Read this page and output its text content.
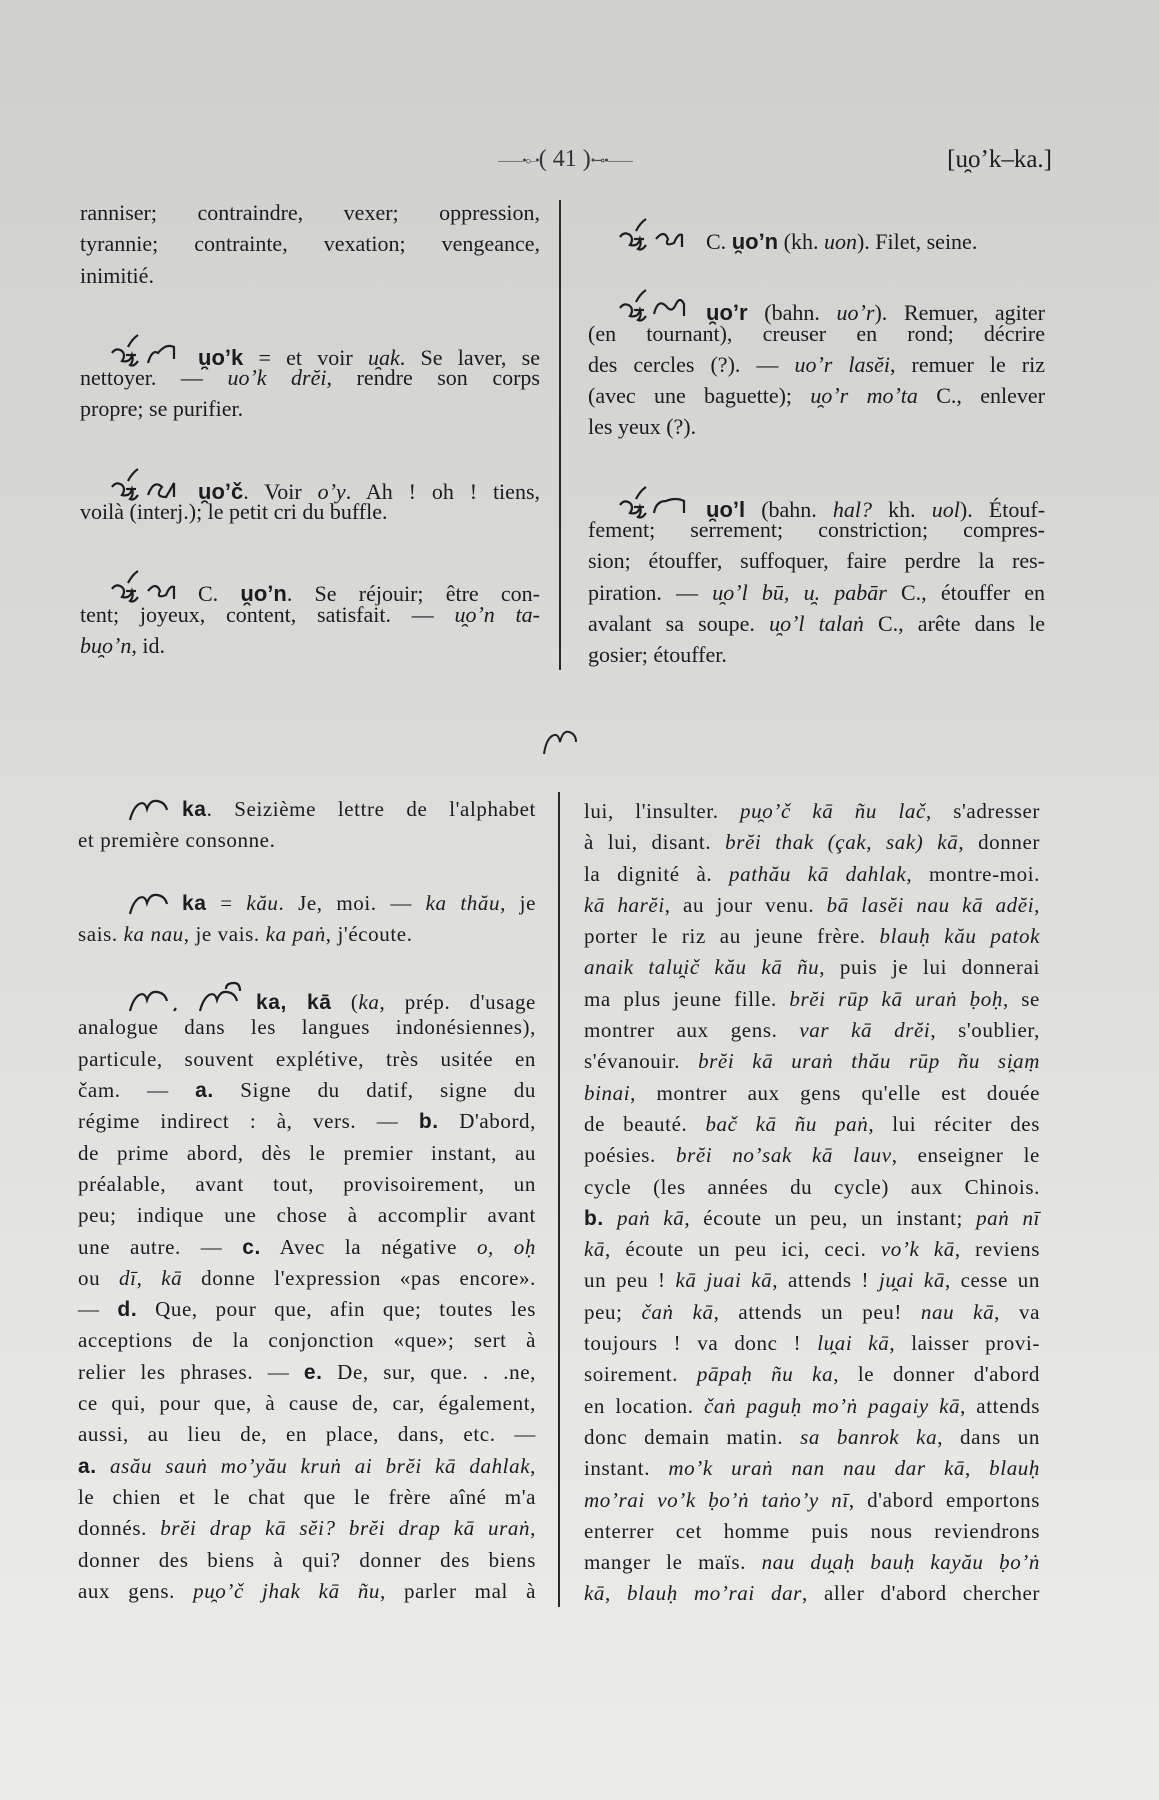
——•⟜•( 41 )•⊸•——	[u̯oʼk–ka.]
ranniser; contraindre, vexer; oppression,
tyrannie; contrainte, vexation; vengeance,
inimitié.
u̯oʼk = et voir u̯ak. Se laver, se
nettoyer. — uoʼk drĕi, rendre son corps
propre; se purifier.
u̯oʼč. Voir oʼy. Ah ! oh ! tiens,
voilà (interj.); le petit cri du buffle.
C. u̯oʼn. Se réjouir; être con-
tent; joyeux, content, satisfait. — u̯oʼn ta-
bu̯oʼn, id.
C. u̯oʼn (kh. uon). Filet, seine.
u̯oʼr (bahn. uoʼr). Remuer, agiter
(en tournant), creuser en rond; décrire
des cercles (?). — uoʼr lasĕi, remuer le riz
(avec une baguette); u̯oʼr moʼta C., enlever
les yeux (?).
u̯oʼl (bahn. hal? kh. uol). Étouf-
fement; serrement; constriction; compres-
sion; étouffer, suffoquer, faire perdre la res-
piration. — u̯oʼl bū, u̯. pabār C., étouffer en
avalant sa soupe. u̯oʼl talaṅ C., arête dans le
gosier; étouffer.
ka. Seizième lettre de l'alphabet
et première consonne.
ka = kău. Je, moi. — ka thău, je
sais. ka nau, je vais. ka paṅ, j'écoute.
ka, kā (ka, prép. d'usage
analogue dans les langues indonésiennes),
particule, souvent explétive, très usitée en
čam. — a. Signe du datif, signe du
régime indirect : à, vers. — b. D'abord,
de prime abord, dès le premier instant, au
préalable, avant tout, provisoirement, un
peu; indique une chose à accomplir avant
une autre. — c. Avec la négative o, oḥ
ou dī, kā donne l'expression «pas encore».
— d. Que, pour que, afin que; toutes les
acceptions de la conjonction «que»; sert à
relier les phrases. — e. De, sur, que. . .ne,
ce qui, pour que, à cause de, car, également,
aussi, au lieu de, en place, dans, etc. —
a. asău sauṅ moʼyău kruṅ ai brĕi kā dahlak,
le chien et le chat que le frère aîné m'a
donnés. brĕi drap kā sĕi? brĕi drap kā uraṅ,
donner des biens à qui? donner des biens
aux gens. pu̯oʼč jhak kā ñu, parler mal à
lui, l'insulter. pu̯oʼč kā ñu lač, s'adresser
à lui, disant. brĕi thak (çak, sak) kā, donner
la dignité à. pathău kā dahlak, montre-moi.
kā harĕi, au jour venu. bā lasĕi nau kā adĕi,
porter le riz au jeune frère. blauḥ kău patok
anaik talu̯ič kău kā ñu, puis je lui donnerai
ma plus jeune fille. brĕi rūp kā uraṅ ḅoḥ, se
montrer aux gens. var kā drĕi, s'oublier,
s'évanouir. brĕi kā uraṅ thău rūp ñu si̯aṃ
binai, montrer aux gens qu'elle est douée
de beauté. bač kā ñu paṅ, lui réciter des
poésies. brĕi noʼsak kā lauv, enseigner le
cycle (les années du cycle) aux Chinois.
b. paṅ kā, écoute un peu, un instant; paṅ nī
kā, écoute un peu ici, ceci. voʼk kā, reviens
un peu ! kā juai kā, attends ! ju̯ai kā, cesse un
peu; čaṅ kā, attends un peu! nau kā, va
toujours ! va donc ! lu̯ai kā, laisser provi-
soirement. pāpaḥ ñu ka, le donner d'abord
en location. čaṅ paguḥ moʼṅ pagaiy kā, attends
donc demain matin. sa banrok ka, dans un
instant. moʼk uraṅ nan nau dar kā, blauḥ
moʼrai voʼk ḅoʼṅ taṅoʼy nī, d'abord emportons
enterrer cet homme puis nous reviendrons
manger le maïs. nau du̯aḥ bauḥ kayău ḅoʼṅ
kā, blauḥ moʼrai dar, aller d'abord chercher
